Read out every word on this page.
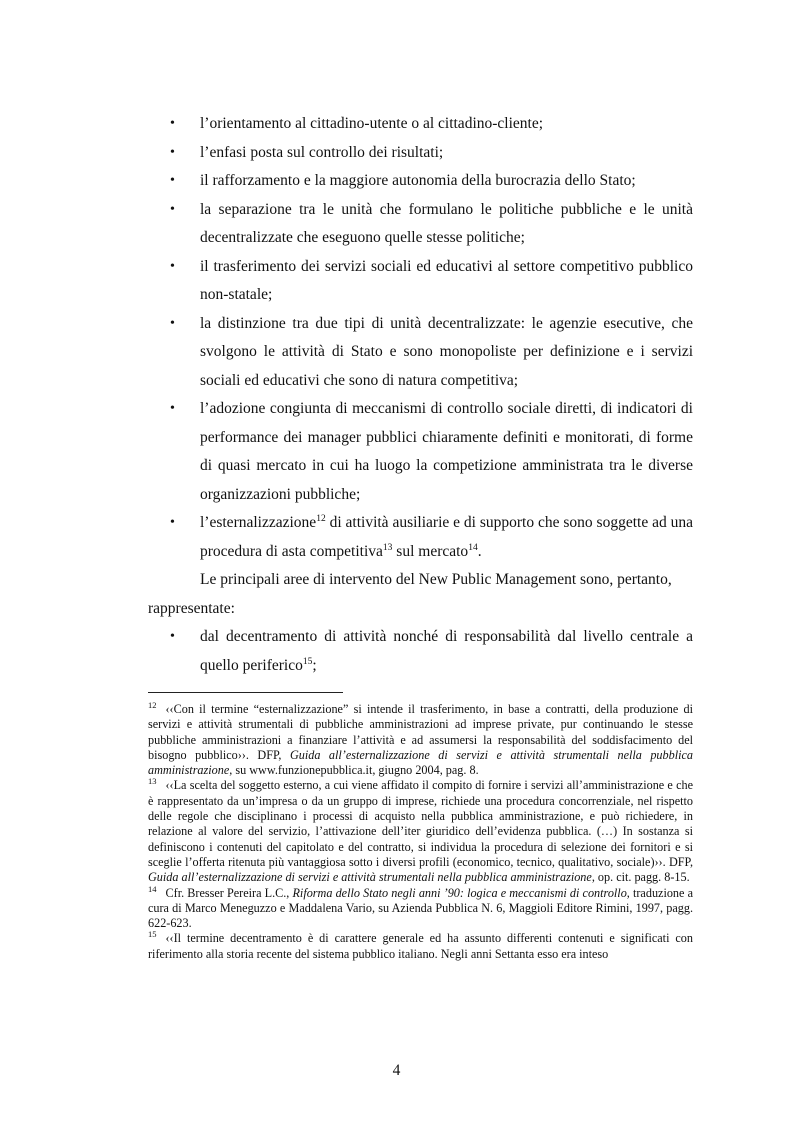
• l’orientamento al cittadino-utente o al cittadino-cliente;
• l’enfasi posta sul controllo dei risultati;
• il rafforzamento e la maggiore autonomia della burocrazia dello Stato;
• la separazione tra le unità che formulano le politiche pubbliche e le unità decentralizzate che eseguono quelle stesse politiche;
• il trasferimento dei servizi sociali ed educativi al settore competitivo pubblico non-statale;
• la distinzione tra due tipi di unità decentralizzate: le agenzie esecutive, che svolgono le attività di Stato e sono monopoliste per definizione e i servizi sociali ed educativi che sono di natura competitiva;
• l’adozione congiunta di meccanismi di controllo sociale diretti, di indicatori di performance dei manager pubblici chiaramente definiti e monitorati, di forme di quasi mercato in cui ha luogo la competizione amministrata tra le diverse organizzazioni pubbliche;
• l’esternalizzazione$^{12}$ di attività ausiliarie e di supporto che sono soggette ad una procedura di asta competitiva$^{13}$ sul mercato$^{14}$.
Le principali aree di intervento del New Public Management sono, pertanto,
rappresentate:
• dal decentramento di attività nonché di responsabilità dal livello centrale a quello periferico$^{15}$;

$^{12}$ ‹‹Con il termine “esternalizzazione” si intende il trasferimento, in base a contratti, della produzione di servizi e attività strumentali di pubbliche amministrazioni ad imprese private, pur continuando le stesse pubbliche amministrazioni a finanziare l’attività e ad assumersi la responsabilità del soddisfacimento del bisogno pubblico››. DFP, Guida all’esternalizzazione di servizi e attività strumentali nella pubblica amministrazione, su www.funzionepubblica.it, giugno 2004, pag. 8.

$^{13}$ ‹‹La scelta del soggetto esterno, a cui viene affidato il compito di fornire i servizi all’amministrazione e che è rappresentato da un’impresa o da un gruppo di imprese, richiede una procedura concorrenziale, nel rispetto delle regole che disciplinano i processi di acquisto nella pubblica amministrazione, e può richiedere, in relazione al valore del servizio, l’attivazione dell’iter giuridico dell’evidenza pubblica. (…) In sostanza si definiscono i contenuti del capitolato e del contratto, si individua la procedura di selezione dei fornitori e si sceglie l’offerta ritenuta più vantaggiosa sotto i diversi profili (economico, tecnico, qualitativo, sociale)››. DFP, Guida all’esternalizzazione di servizi e attività strumentali nella pubblica amministrazione, op. cit. pagg. 8-15.

$^{14}$ Cfr. Bresser Pereira L.C., Riforma dello Stato negli anni ’90: logica e meccanismi di controllo, traduzione a cura di Marco Meneguzzo e Maddalena Vario, su Azienda Pubblica N. 6, Maggioli Editore Rimini, 1997, pagg. 622-623.

$^{15}$ ‹‹Il termine decentramento è di carattere generale ed ha assunto differenti contenuti e significati con riferimento alla storia recente del sistema pubblico italiano. Negli anni Settanta esso era inteso

4
